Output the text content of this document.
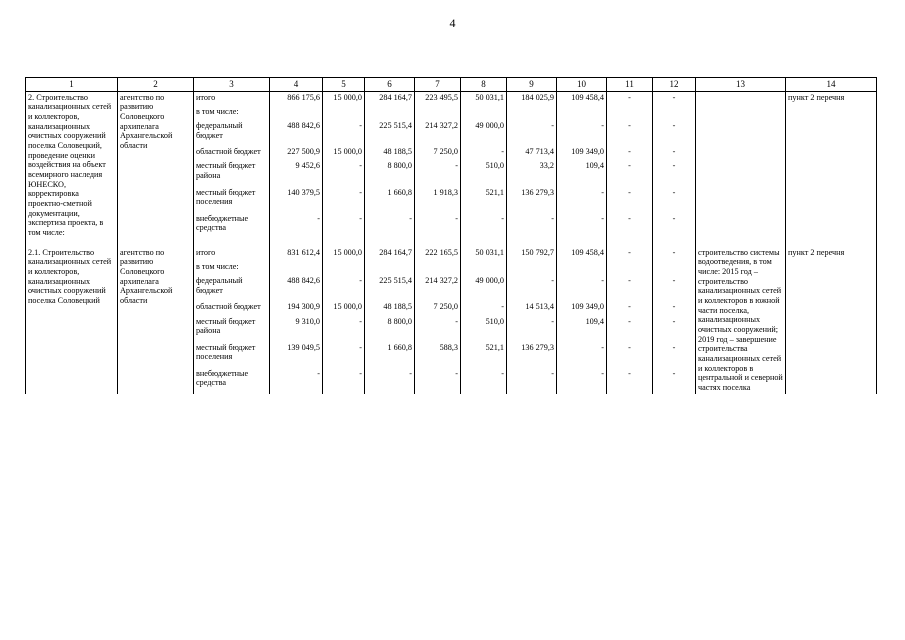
4
1	2	3	4	5	6	7	8	9	10	11	12	13	14
2. Строительство канализационных сетей и коллекторов, канализационных очистных сооружений поселка Соловецкий, проведение оценки воздействия на объект всемирного наследия ЮНЕСКО, корректировка проектно-сметной документации, экспертиза проекта, в том числе:	агентство по развитию Соловецкого архипелага Архангельской области	итого	866 175,6	15 000,0	284 164,7	223 495,5	50 031,1	184 025,9	109 458,4	-	-		пункт 2 перечня
		в том числе:											
		федеральный бюджет	488 842,6	-	225 515,4	214 327,2	49 000,0	-	-	-	-		
		областной бюджет	227 500,9	15 000,0	48 188,5	7 250,0	-	47 713,4	109 349,0	-	-		
		местный бюджет района	9 452,6	-	8 800,0	-	510,0	33,2	109,4	-	-		
		местный бюджет поселения	140 379,5	-	1 660,8	1 918,3	521,1	136 279,3	-	-	-		
		внебюджетные средства	-	-	-	-	-	-	-	-	-		

2.1. Строительство канализационных сетей и коллекторов, канализационных очистных сооружений поселка Соловецкий	агентство по развитию Соловецкого архипелага Архангельской области	итого	831 612,4	15 000,0	284 164,7	222 165,5	50 031,1	150 792,7	109 458,4	-	-	строительство системы водоотведения, в том числе: 2015 год – строительство канализационных сетей и коллекторов в южной части поселка, канализационных очистных сооружений; 2019 год – завершение строительства канализационных сетей и коллекторов в центральной и северной частях поселка	пункт 2 перечня
		в том числе:											
		федеральный бюджет	488 842,6	-	225 515,4	214 327,2	49 000,0	-	-	-	-		
		областной бюджет	194 300,9	15 000,0	48 188,5	7 250,0	-	14 513,4	109 349,0	-	-		
		местный бюджет района	9 310,0	-	8 800,0	-	510,0	-	109,4	-	-		
		местный бюджет поселения	139 049,5	-	1 660,8	588,3	521,1	136 279,3	-	-	-		
		внебюджетные средства	-	-	-	-	-	-	-	-	-		
